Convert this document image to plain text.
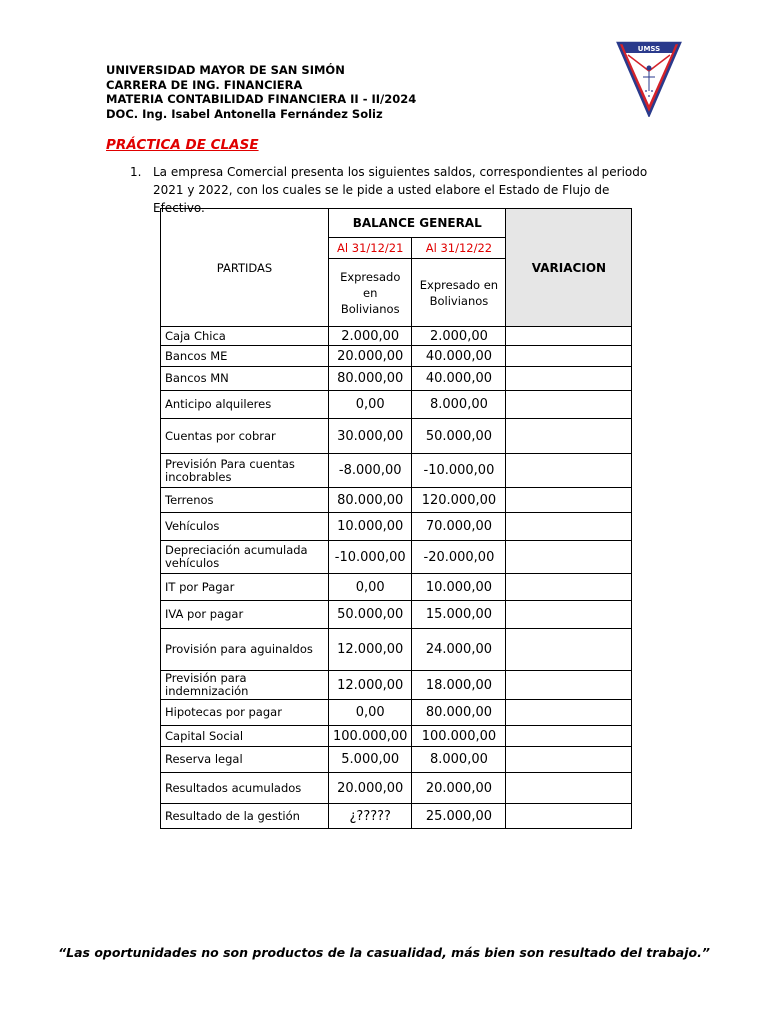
UNIVERSIDAD MAYOR DE SAN SIMÓN
CARRERA DE ING. FINANCIERA
MATERIA CONTABILIDAD FINANCIERA II - II/2024
DOC. Ing. Isabel Antonella Fernández Soliz
UMSS
PRÁCTICA DE CLASE
1. La empresa Comercial presenta los siguientes saldos, correspondientes al periodo 2021 y 2022, con los cuales se le pide a usted elabore el Estado de Flujo de Efectivo.
PARTIDAS	BALANCE GENERAL		VARIACION
	Al 31/12/21	Al 31/12/22	
	Expresado en Bolivianos	Expresado en Bolivianos	
Caja Chica	2.000,00	2.000,00	
Bancos ME	20.000,00	40.000,00	
Bancos MN	80.000,00	40.000,00	
Anticipo alquileres	0,00	8.000,00	
Cuentas por cobrar	30.000,00	50.000,00	
Previsión Para cuentas incobrables	-8.000,00	-10.000,00	
Terrenos	80.000,00	120.000,00	
Vehículos	10.000,00	70.000,00	
Depreciación acumulada vehículos	-10.000,00	-20.000,00	
IT por Pagar	0,00	10.000,00	
IVA por pagar	50.000,00	15.000,00	
Provisión para aguinaldos	12.000,00	24.000,00	
Previsión para indemnización	12.000,00	18.000,00	
Hipotecas por pagar	0,00	80.000,00	
Capital Social	100.000,00	100.000,00	
Reserva legal	5.000,00	8.000,00	
Resultados acumulados	20.000,00	20.000,00	
Resultado de la gestión	¿?????	25.000,00	
“Las oportunidades no son productos de la casualidad, más bien son resultado del trabajo.”
